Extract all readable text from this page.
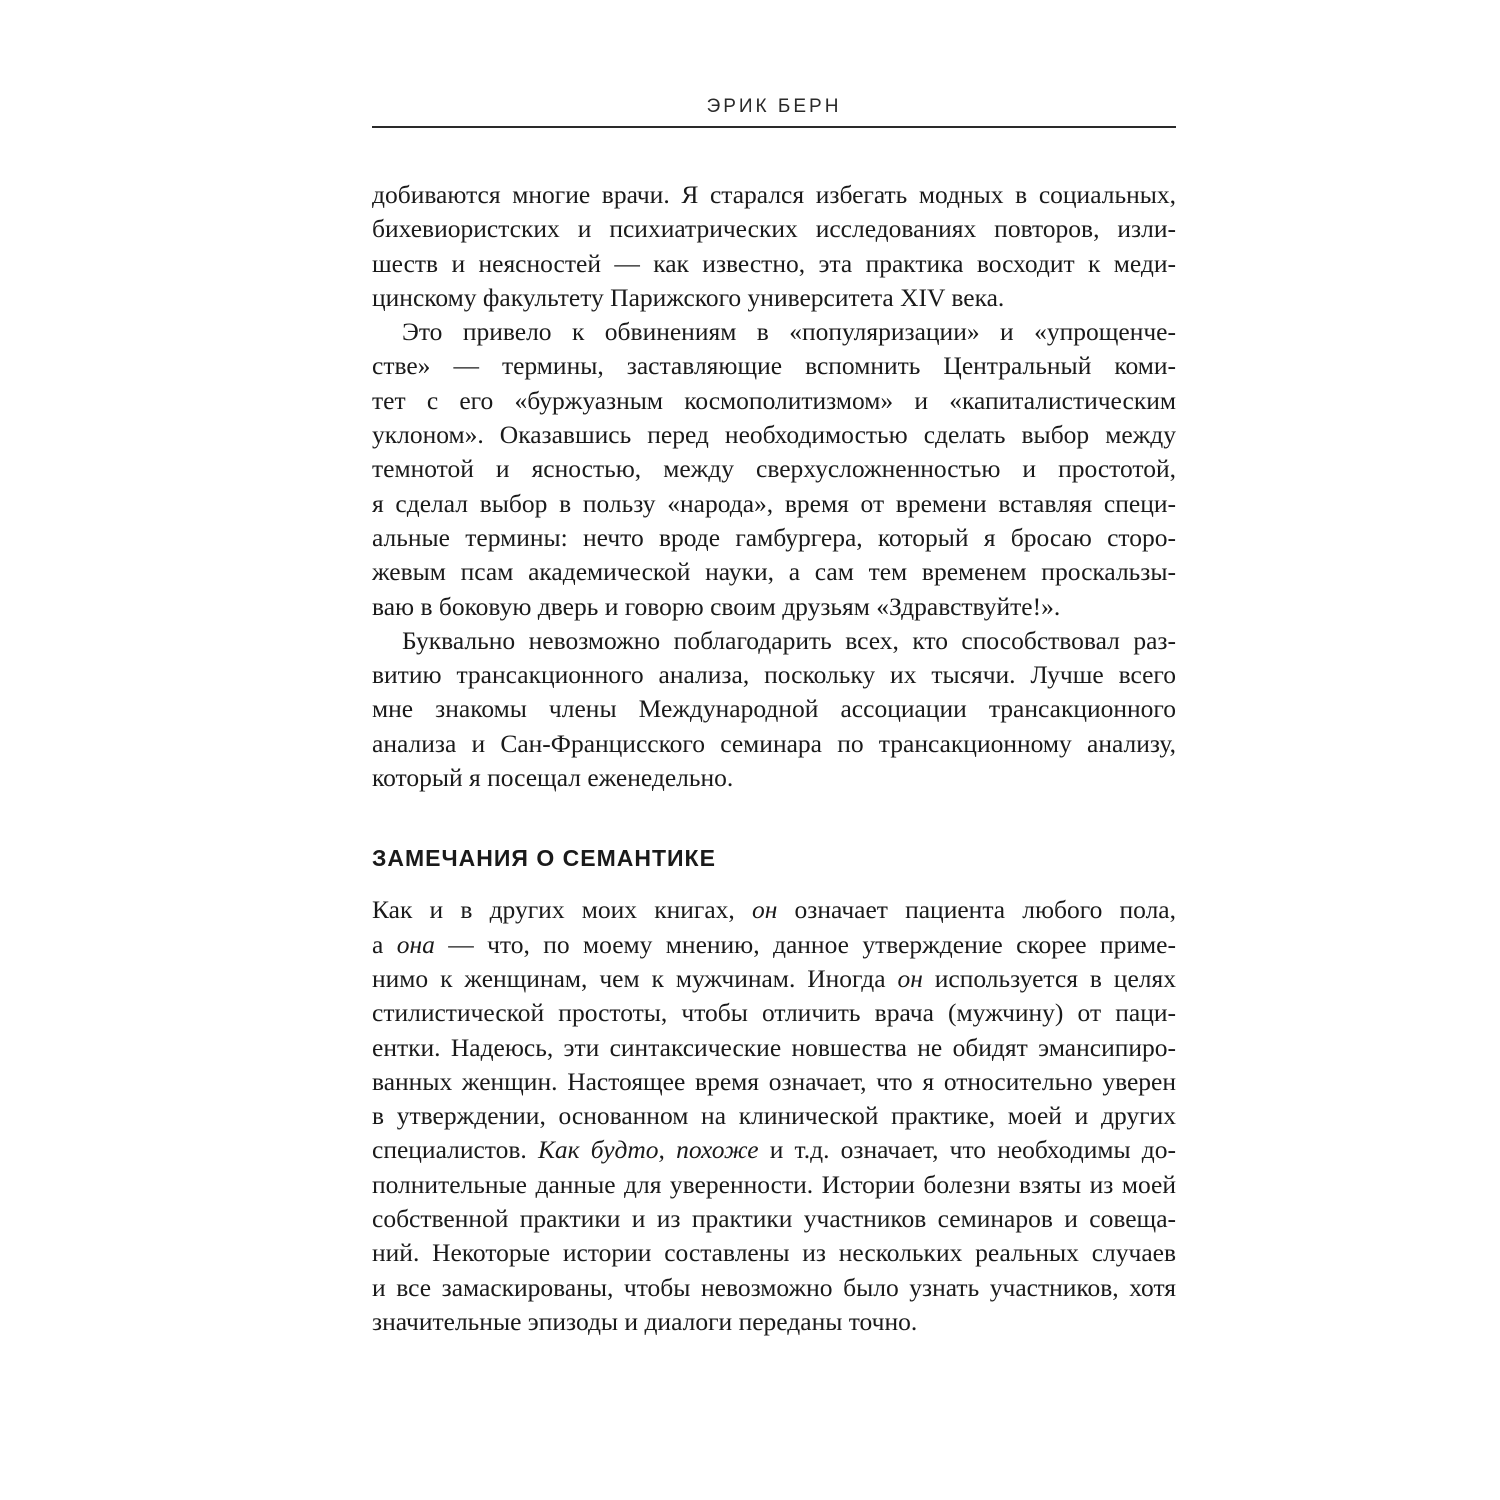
ЭРИК БЕРН
добиваются многие врачи. Я старался избегать модных в социальных,
бихевиористских и психиатрических исследованиях повторов, изли-
шеств и неясностей — как известно, эта практика восходит к меди-
цинскому факультету Парижского университета XIV века.
Это привело к обвинениям в «популяризации» и «упрощенче-
стве» — термины, заставляющие вспомнить Центральный коми-
тет с его «буржуазным космополитизмом» и «капиталистическим
уклоном». Оказавшись перед необходимостью сделать выбор между
темнотой и ясностью, между сверхусложненностью и простотой,
я сделал выбор в пользу «народа», время от времени вставляя специ-
альные термины: нечто вроде гамбургера, который я бросаю сторо-
жевым псам академической науки, а сам тем временем проскальзы-
ваю в боковую дверь и говорю своим друзьям «Здравствуйте!».
Буквально невозможно поблагодарить всех, кто способствовал раз-
витию трансакционного анализа, поскольку их тысячи. Лучше всего
мне знакомы члены Международной ассоциации трансакционного
анализа и Сан-Францисского семинара по трансакционному анализу,
который я посещал еженедельно.
ЗАМЕЧАНИЯ О СЕМАНТИКЕ
Как и в других моих книгах, он означает пациента любого пола,
а она — что, по моему мнению, данное утверждение скорее приме-
нимо к женщинам, чем к мужчинам. Иногда он используется в целях
стилистической простоты, чтобы отличить врача (мужчину) от паци-
ентки. Надеюсь, эти синтаксические новшества не обидят эмансипиро-
ванных женщин. Настоящее время означает, что я относительно уверен
в утверждении, основанном на клинической практике, моей и других
специалистов. Как будто, похоже и т.д. означает, что необходимы до-
полнительные данные для уверенности. Истории болезни взяты из моей
собственной практики и из практики участников семинаров и совеща-
ний. Некоторые истории составлены из нескольких реальных случаев
и все замаскированы, чтобы невозможно было узнать участников, хотя
значительные эпизоды и диалоги переданы точно.
